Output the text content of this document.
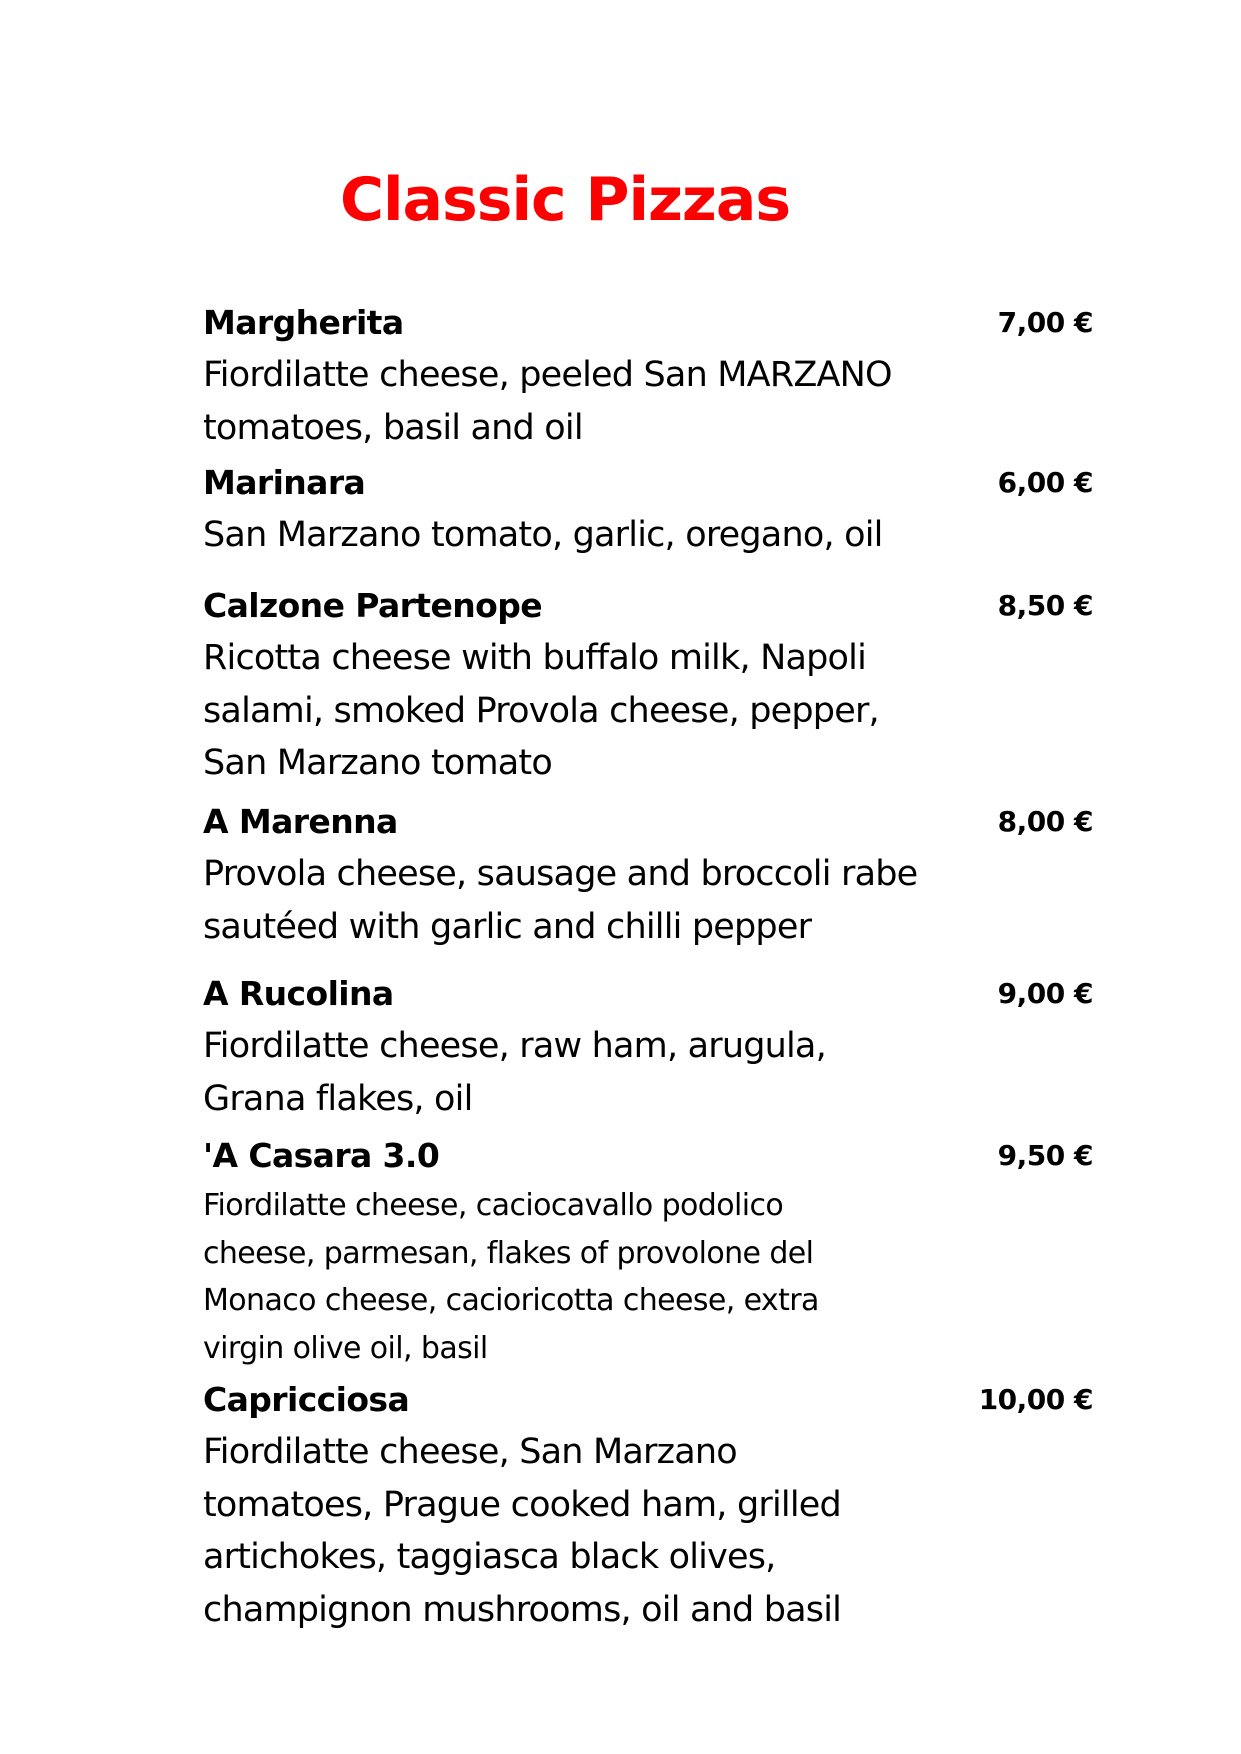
Classic Pizzas
Margherita	7,00 €
Fiordilatte cheese, peeled San MARZANO
tomatoes, basil and oil
Marinara	6,00 €
San Marzano tomato, garlic, oregano, oil
Calzone Partenope	8,50 €
Ricotta cheese with buffalo milk, Napoli
salami, smoked Provola cheese, pepper,
San Marzano tomato
A Marenna	8,00 €
Provola cheese, sausage and broccoli rabe
sautéed with garlic and chilli pepper
A Rucolina	9,00 €
Fiordilatte cheese, raw ham, arugula,
Grana flakes, oil
'A Casara 3.0	9,50 €
Fiordilatte cheese, caciocavallo podolico
cheese, parmesan, flakes of provolone del
Monaco cheese, cacioricotta cheese, extra
virgin olive oil, basil
Capricciosa	10,00 €
Fiordilatte cheese, San Marzano
tomatoes, Prague cooked ham, grilled
artichokes, taggiasca black olives,
champignon mushrooms, oil and basil
